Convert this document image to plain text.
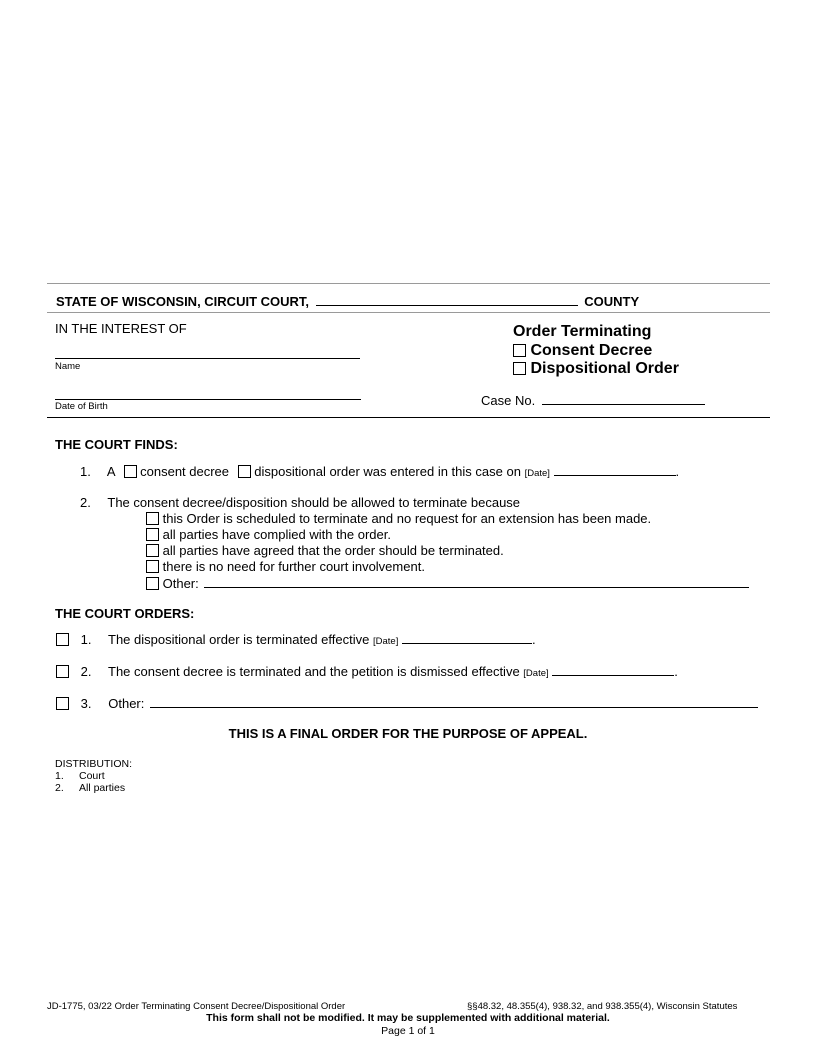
STATE OF WISCONSIN, CIRCUIT COURT,	COUNTY
IN THE INTEREST OF
Name
Date of Birth
Order Terminating
Consent Decree
Dispositional Order
Case No.
THE COURT FINDS:
1. A consent decree dispositional order was entered in this case on [Date]	.
2. The consent decree/disposition should be allowed to terminate because
this Order is scheduled to terminate and no request for an extension has been made.
all parties have complied with the order.
all parties have agreed that the order should be terminated.
there is no need for further court involvement.
Other:
THE COURT ORDERS:
1. The dispositional order is terminated effective [Date]	.
2. The consent decree is terminated and the petition is dismissed effective [Date]	.
3. Other:
THIS IS A FINAL ORDER FOR THE PURPOSE OF APPEAL.
DISTRIBUTION:
1. Court
2. All parties
JD-1775, 03/22 Order Terminating Consent Decree/Dispositional Order	§§48.32, 48.355(4), 938.32, and 938.355(4), Wisconsin Statutes
This form shall not be modified. It may be supplemented with additional material.
Page 1 of 1
